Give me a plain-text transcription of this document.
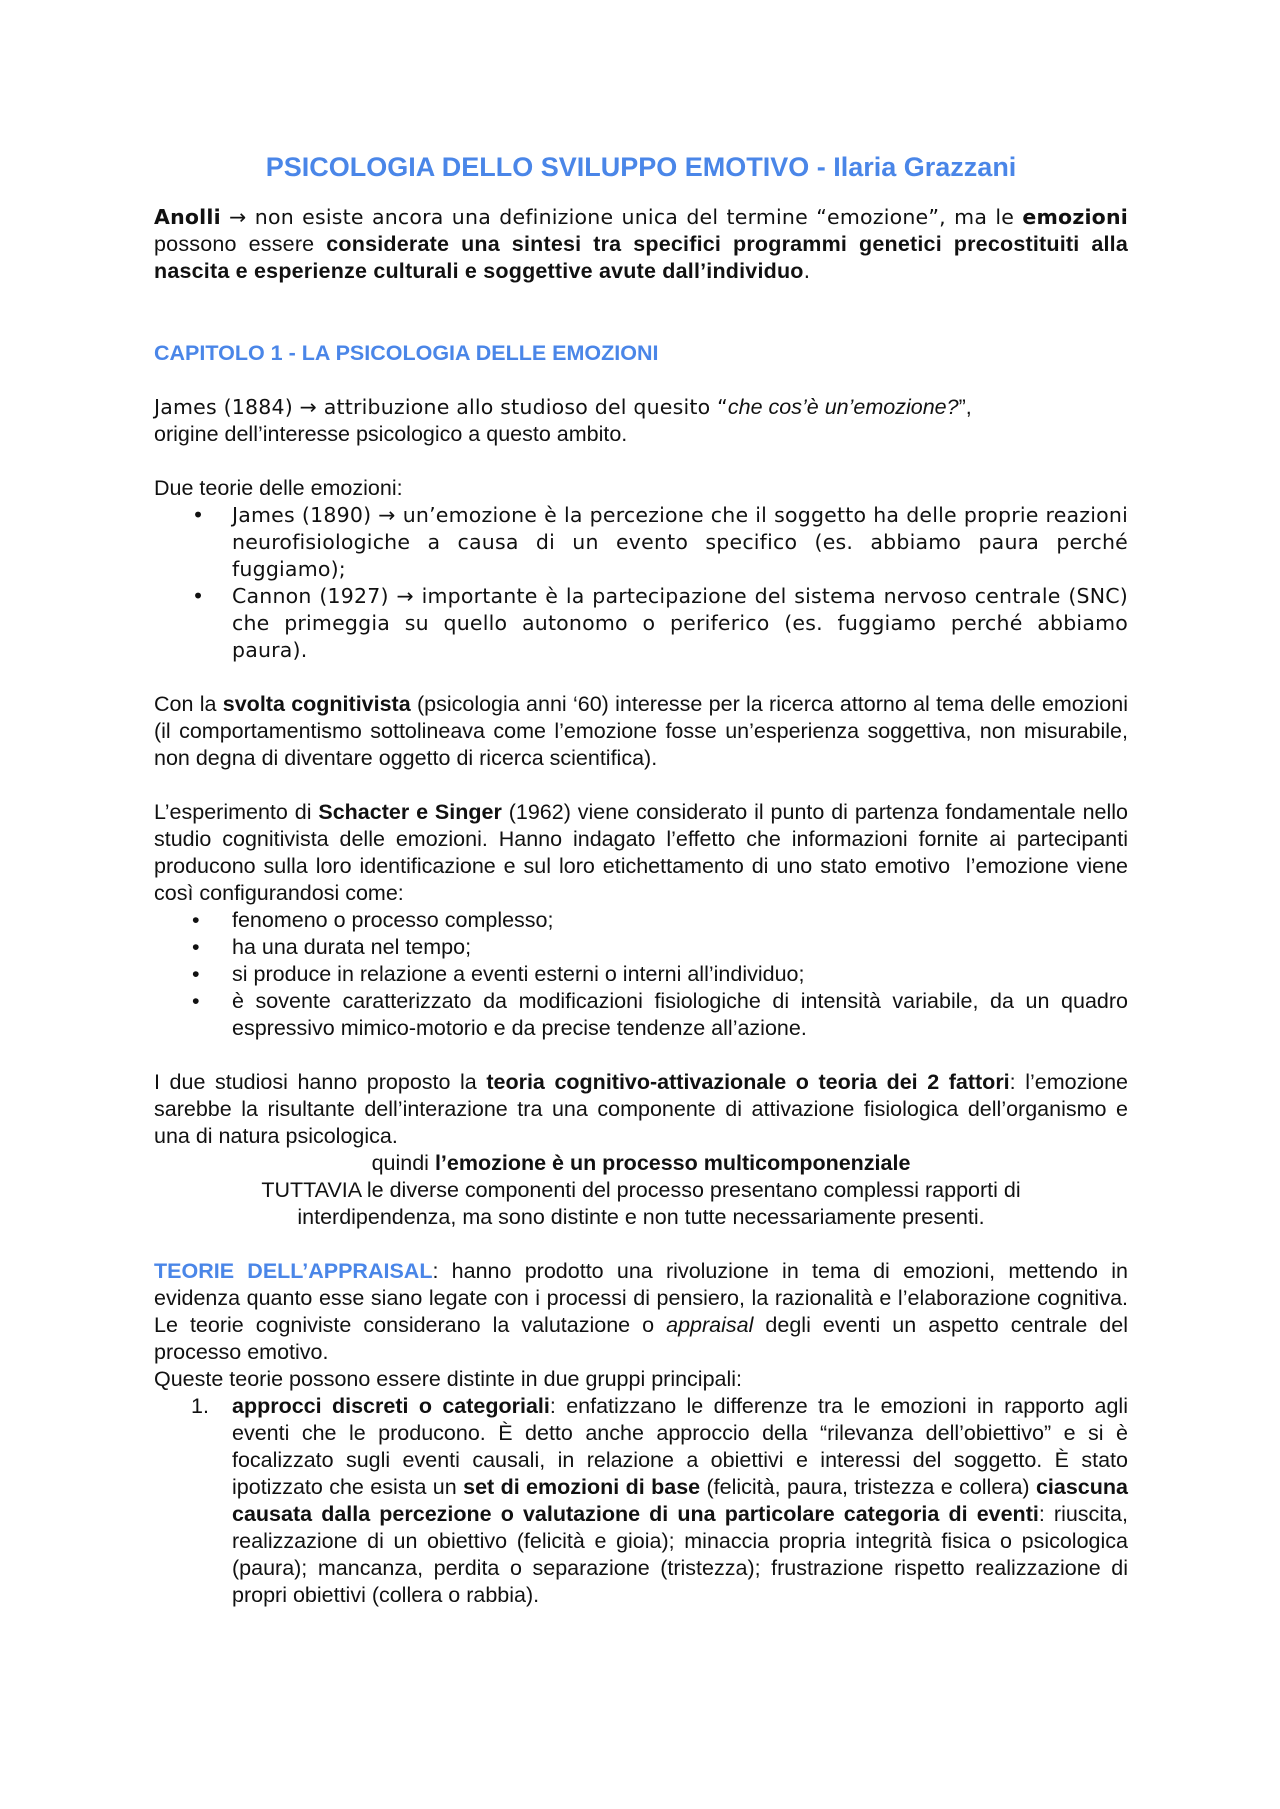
PSICOLOGIA DELLO SVILUPPO EMOTIVO - Ilaria Grazzani

Anolli → non esiste ancora una definizione unica del termine “emozione”, ma le emozioni possono essere considerate una sintesi tra specifici programmi genetici precostituiti alla nascita e esperienze culturali e soggettive avute dall’individuo.

CAPITOLO 1 - LA PSICOLOGIA DELLE EMOZIONI

James (1884) → attribuzione allo studioso del quesito “che cos’è un’emozione?”,
origine dell’interesse psicologico a questo ambito.

Due teorie delle emozioni:

•	James (1890) → un’emozione è la percezione che il soggetto ha delle proprie reazioni neurofisiologiche a causa di un evento specifico (es. abbiamo paura perché fuggiamo);
•	Cannon (1927) → importante è la partecipazione del sistema nervoso centrale (SNC) che primeggia su quello autonomo o periferico (es. fuggiamo perché abbiamo paura).

Con la svolta cognitivista (psicologia anni ‘60) interesse per la ricerca attorno al tema delle emozioni (il comportamentismo sottolineava come l’emozione fosse un’esperienza soggettiva, non misurabile, non degna di diventare oggetto di ricerca scientifica).

L’esperimento di Schacter e Singer (1962) viene considerato il punto di partenza fondamentale nello studio cognitivista delle emozioni. Hanno indagato l’effetto che informazioni fornite ai partecipanti producono sulla loro identificazione e sul loro etichettamento di uno stato emotivo  l’emozione viene così configurandosi come:

•	fenomeno o processo complesso;
•	ha una durata nel tempo;
•	si produce in relazione a eventi esterni o interni all’individuo;
•	è sovente caratterizzato da modificazioni fisiologiche di intensità variabile, da un quadro espressivo mimico-motorio e da precise tendenze all’azione.

I due studiosi hanno proposto la teoria cognitivo-attivazionale o teoria dei 2 fattori: l’emozione sarebbe la risultante dell’interazione tra una componente di attivazione fisiologica dell’organismo e una di natura psicologica.

quindi l’emozione è un processo multicomponenziale

TUTTAVIA le diverse componenti del processo presentano complessi rapporti di

interdipendenza, ma sono distinte e non tutte necessariamente presenti.

TEORIE DELL’APPRAISAL: hanno prodotto una rivoluzione in tema di emozioni, mettendo in evidenza quanto esse siano legate con i processi di pensiero, la razionalità e l’elaborazione cognitiva. Le teorie cogniviste considerano la valutazione o appraisal degli eventi un aspetto centrale del processo emotivo.

Queste teorie possono essere distinte in due gruppi principali:

1.	approcci discreti o categoriali: enfatizzano le differenze tra le emozioni in rapporto agli eventi che le producono. È detto anche approccio della “rilevanza dell’obiettivo” e si è focalizzato sugli eventi causali, in relazione a obiettivi e interessi del soggetto. È stato ipotizzato che esista un set di emozioni di base (felicità, paura, tristezza e collera) ciascuna causata dalla percezione o valutazione di una particolare categoria di eventi: riuscita, realizzazione di un obiettivo (felicità e gioia); minaccia propria integrità fisica o psicologica (paura); mancanza, perdita o separazione (tristezza); frustrazione rispetto realizzazione di propri obiettivi (collera o rabbia).
